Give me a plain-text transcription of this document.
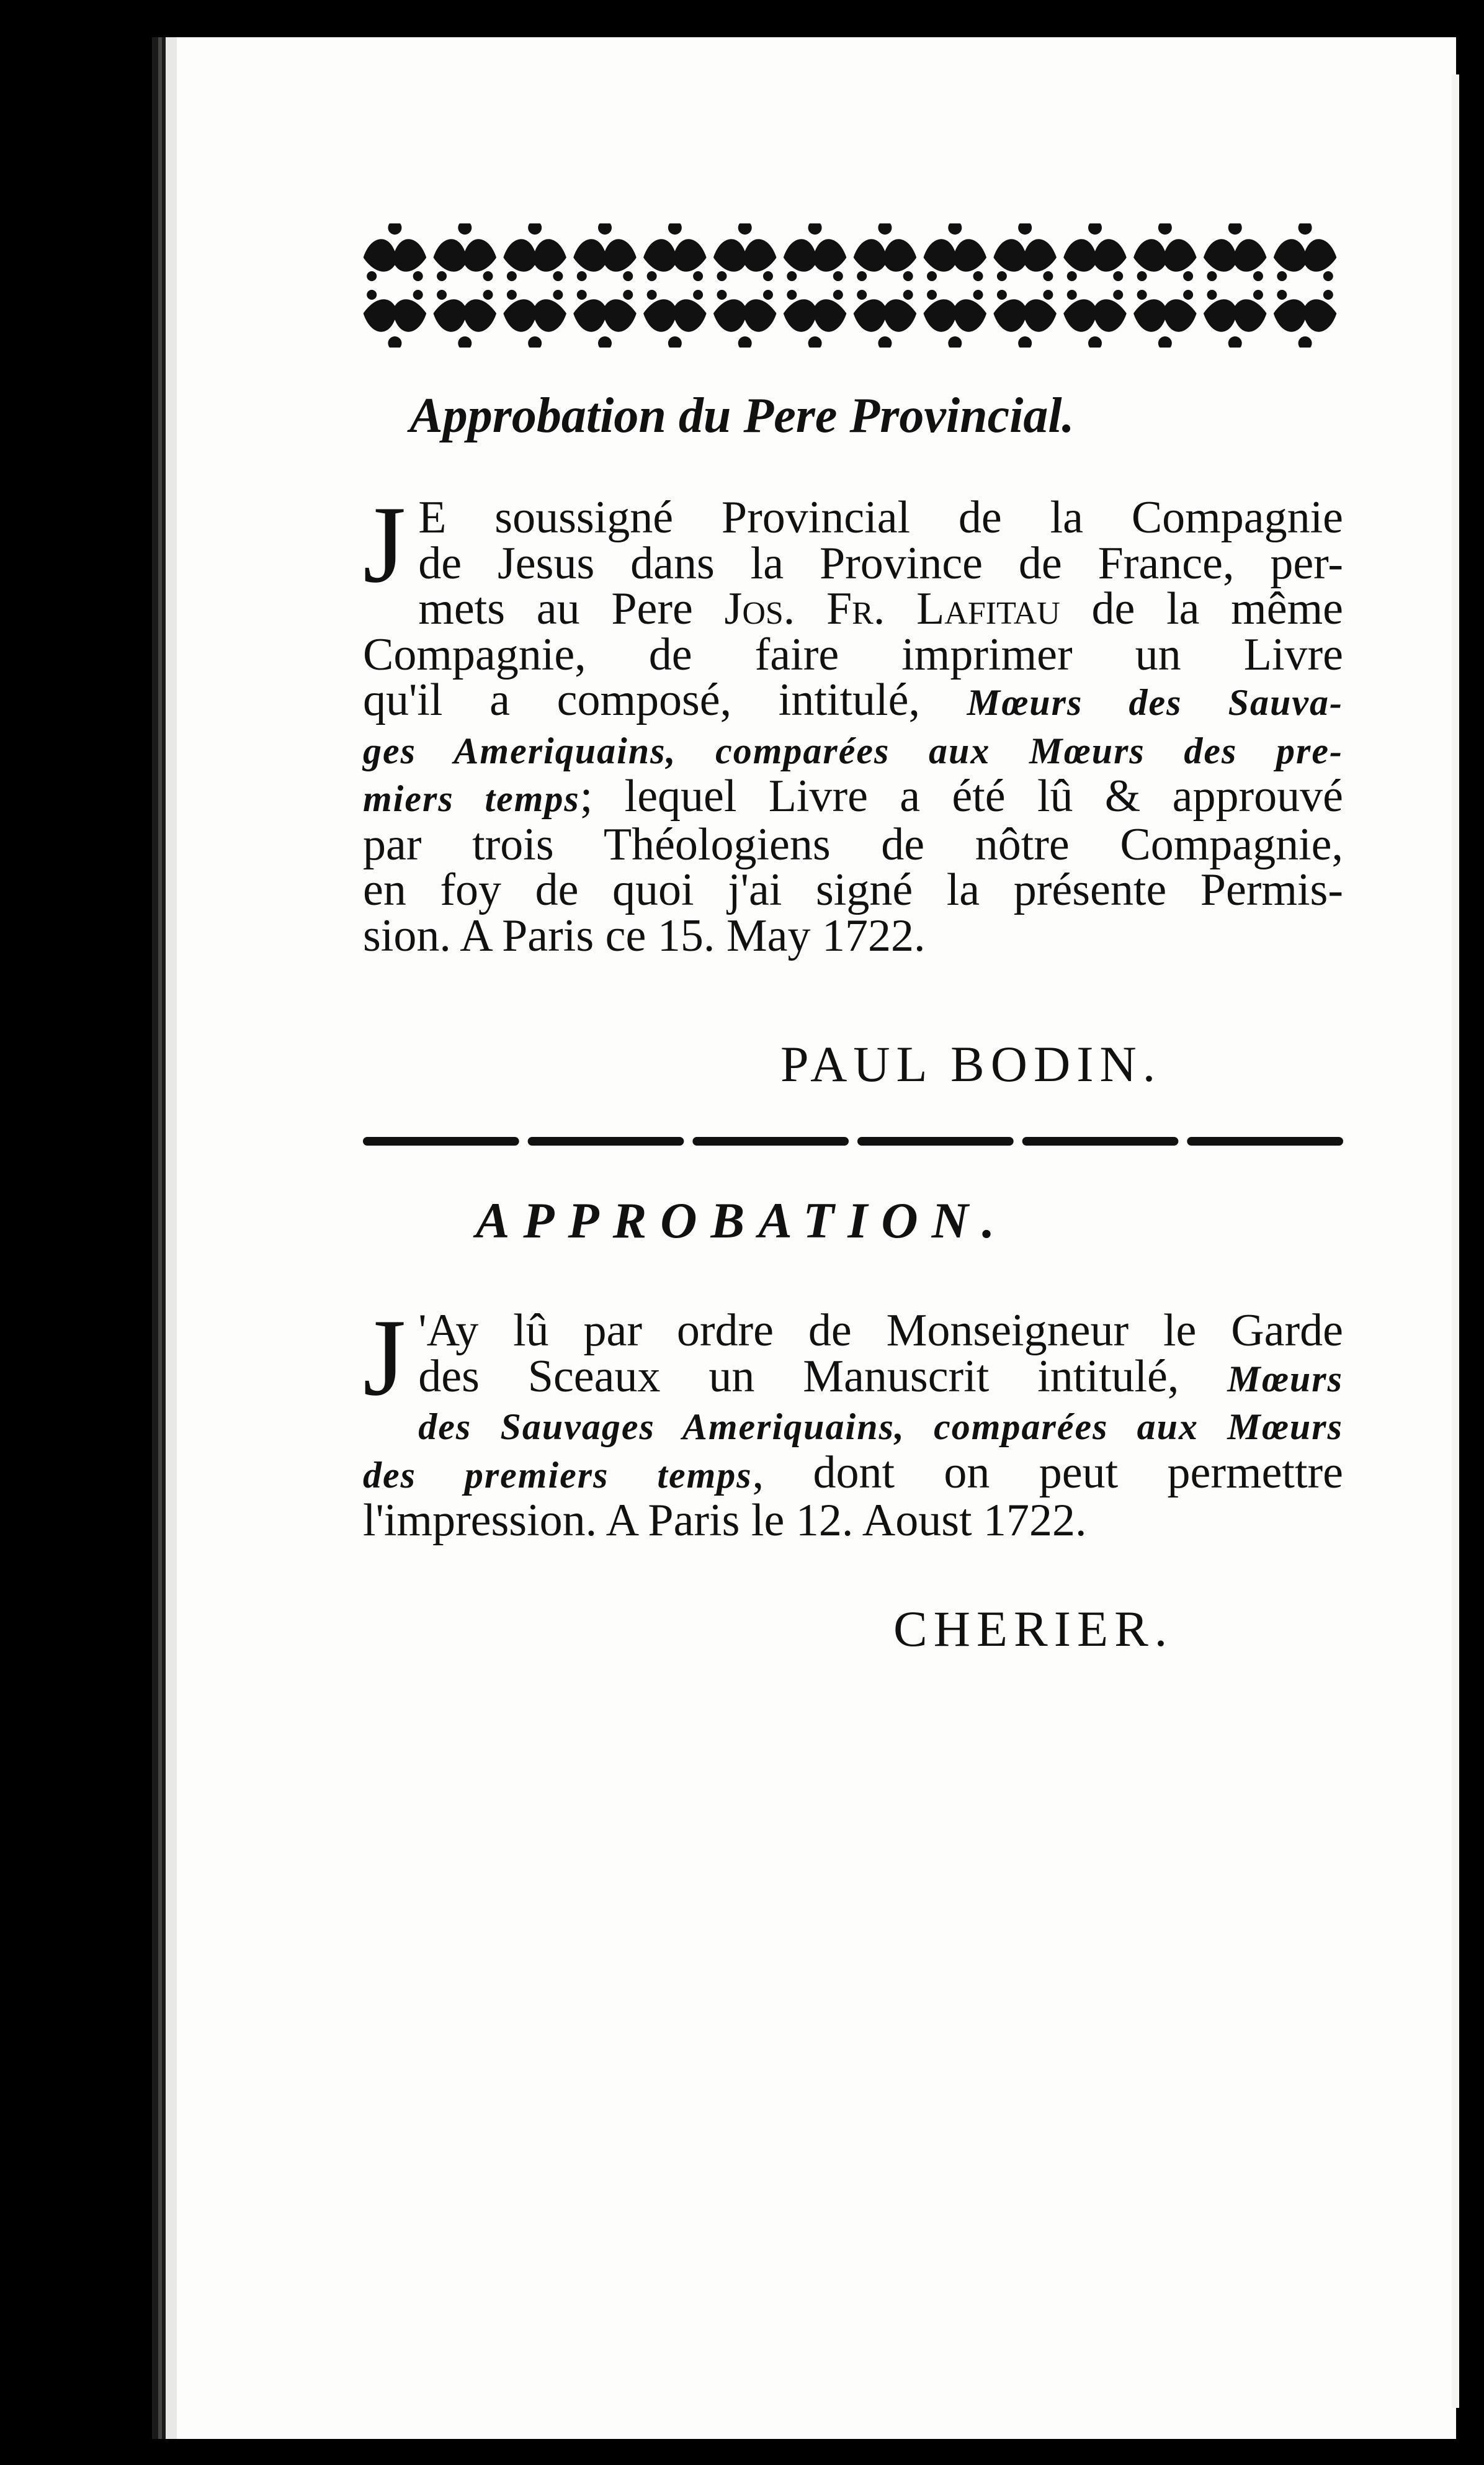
Approbation du Pere Provincial.
J E soussigné Provincial de la Compagnie
de Jesus dans la Province de France, per-
mets au Pere Jos. Fr. Lafitau de la même
Compagnie, de faire imprimer un Livre
qu'il a composé, intitulé, Mœurs des Sauva-
ges Ameriquains, comparées aux Mœurs des pre-
miers temps; lequel Livre a été lû & approuvé
par trois Théologiens de nôtre Compagnie,
en foy de quoi j'ai signé la présente Permis-
sion. A Paris ce 15. May 1722.
PAUL BODIN.
APPROBATION.
J 'Ay lû par ordre de Monseigneur le Garde
des Sceaux un Manuscrit intitulé, Mœurs
des Sauvages Ameriquains, comparées aux Mœurs
des premiers temps, dont on peut permettre
l'impression. A Paris le 12. Aoust 1722.
CHERIER.
